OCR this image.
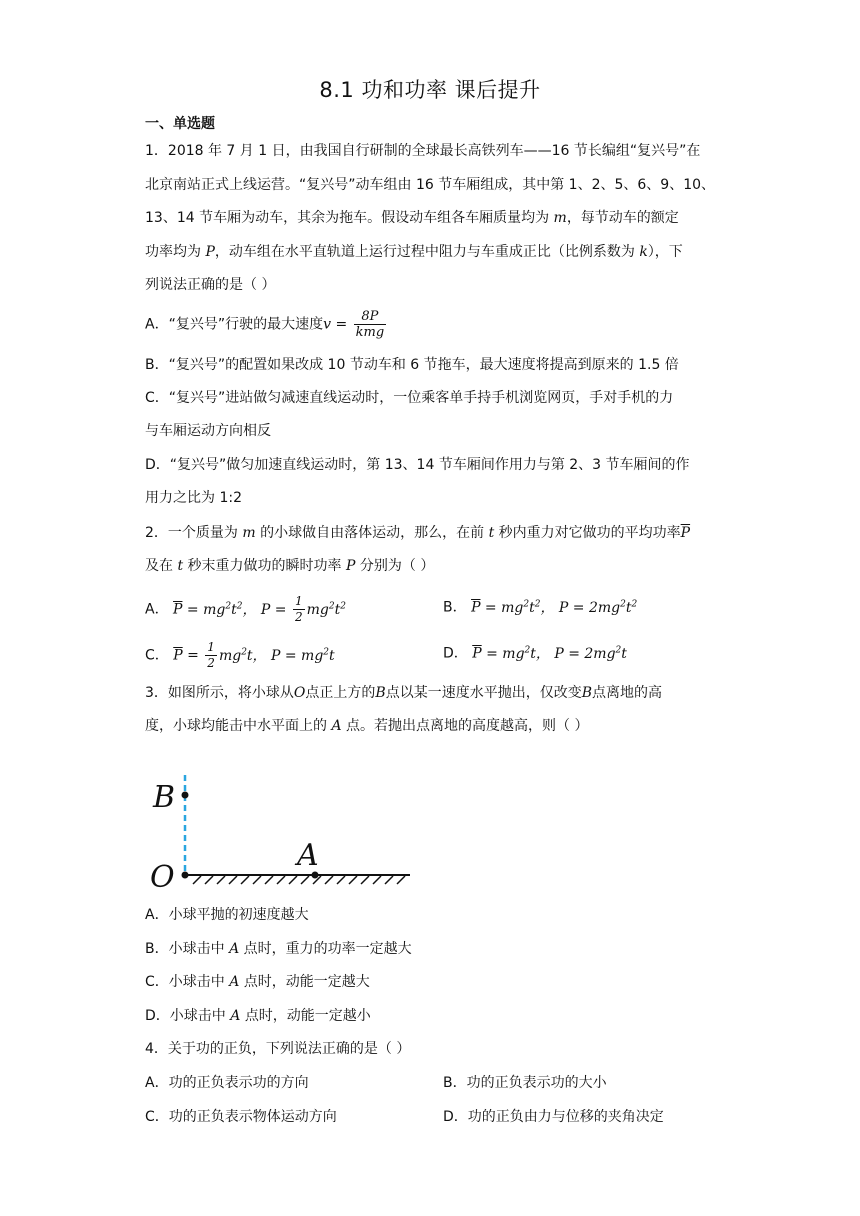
8.1 功和功率 课后提升
一、单选题
1．2018 年 7 月 1 日，由我国自行研制的全球最长高铁列车——16 节长编组“复兴号”在
北京南站正式上线运营。“复兴号”动车组由 16 节车厢组成，其中第 1、2、5、6、9、10、
13、14 节车厢为动车，其余为拖车。假设动车组各车厢质量均为 m，每节动车的额定
功率均为 P，动车组在水平直轨道上运行过程中阻力与车重成正比（比例系数为 k），下
列说法正确的是（ ）
A．“复兴号”行驶的最大速度$v = \frac{8P}{\text{kmg}}$
B．“复兴号”的配置如果改成 10 节动车和 6 节拖车，最大速度将提高到原来的 1.5 倍
C．“复兴号”进站做匀减速直线运动时，一位乘客单手持手机浏览网页，手对手机的力
与车厢运动方向相反
D．“复兴号”做匀加速直线运动时，第 13、14 节车厢间作用力与第 2、3 节车厢间的作
用力之比为 1:2
2．一个质量为 m 的小球做自由落体运动，那么，在前 t 秒内重力对它做功的平均功率$\overline{P}$
及在 t 秒末重力做功的瞬时功率 P 分别为（ ）
A． $\overline{P} = mg^2t^2$， $P = \frac{1}{2} mg^2t^2$	B． $\overline{P} = mg^2t^2$， $P = 2mg^2t^2$
C． $\overline{P} = \frac{1}{2} mg^2t$， $P = mg^2t$	D． $\overline{P} = mg^2t$， $P = 2mg^2t$
3．如图所示，将小球从O点正上方的B点以某一速度水平抛出，仅改变B点离地的高
度，小球均能击中水平面上的 A 点。若抛出点离地的高度越高，则（ ）
B
O
A
A．小球平抛的初速度越大
B．小球击中 A 点时，重力的功率一定越大
C．小球击中 A 点时，动能一定越大
D．小球击中 A 点时，动能一定越小
4．关于功的正负，下列说法正确的是（ ）
A．功的正负表示功的方向	B．功的正负表示功的大小
C．功的正负表示物体运动方向	D．功的正负由力与位移的夹角决定
